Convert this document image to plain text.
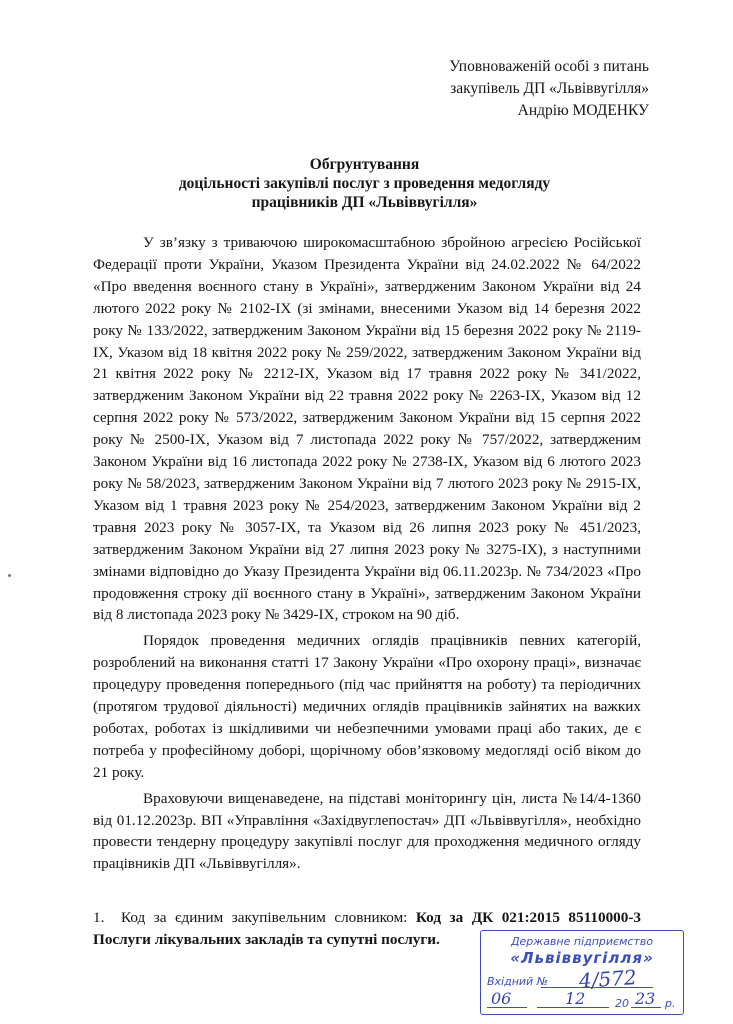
Уповноваженій особі з питань
закупівель ДП «Львіввугілля»
Андрію МОДЕНКУ
Обгрунтування
доцільності закупівлі послуг з проведення медогляду
працівників ДП «Львіввугілля»

У зв’язку з триваючою широкомасштабною збройною агресією Російської Федерації проти України, Указом Президента України від 24.02.2022 № 64/2022 «Про введення воєнного стану в Україні», затвердженим Законом України від 24 лютого 2022 року № 2102-IX (зі змінами, внесеними Указом від 14 березня 2022 року № 133/2022, затвердженим Законом України від 15 березня 2022 року № 2119-IX, Указом від 18 квітня 2022 року № 259/2022, затвердженим Законом України від 21 квітня 2022 року № 2212-IX, Указом від 17 травня 2022 року № 341/2022, затвердженим Законом України від 22 травня 2022 року № 2263-IX, Указом від 12 серпня 2022 року № 573/2022, затвердженим Законом України від 15 серпня 2022 року № 2500-IX, Указом від 7 листопада 2022 року № 757/2022, затвердженим Законом України від 16 листопада 2022 року № 2738-IX, Указом від 6 лютого 2023 року № 58/2023, затвердженим Законом України від 7 лютого 2023 року № 2915-IX, Указом від 1 травня 2023 року № 254/2023, затвердженим Законом України від 2 травня 2023 року № 3057-IX, та Указом від 26 липня 2023 року № 451/2023, затвердженим Законом України від 27 липня 2023 року № 3275-IX), з наступними змінами відповідно до Указу Президента України від 06.11.2023р. № 734/2023 «Про продовження строку дії воєнного стану в Україні», затвердженим Законом України від 8 листопада 2023 року № 3429-IX, строком на 90 діб.

Порядок проведення медичних оглядів працівників певних категорій, розроблений на виконання статті 17 Закону України «Про охорону праці», визначає процедуру проведення попереднього (під час прийняття на роботу) та періодичних (протягом трудової діяльності) медичних оглядів працівників зайнятих на важких роботах, роботах із шкідливими чи небезпечними умовами праці або таких, де є потреба у професійному доборі, щорічному обов’язковому медогляді осіб віком до 21 року.

Враховуючи вищенаведене, на підставі моніторингу цін, листа №14/4-1360 від 01.12.2023р. ВП «Управління «Західвуглепостач» ДП «Львіввугілля», необхідно провести тендерну процедуру закупівлі послуг для проходження медичного огляду працівників ДП «Львіввугілля».

1. Код за єдиним закупівельним словником: Код за ДК 021:2015 85110000-3 Послуги лікувальних закладів та супутні послуги.	Державне підприємство
«Львіввугілля»
Вхідний № 4/572
06	12	20 23 р.
